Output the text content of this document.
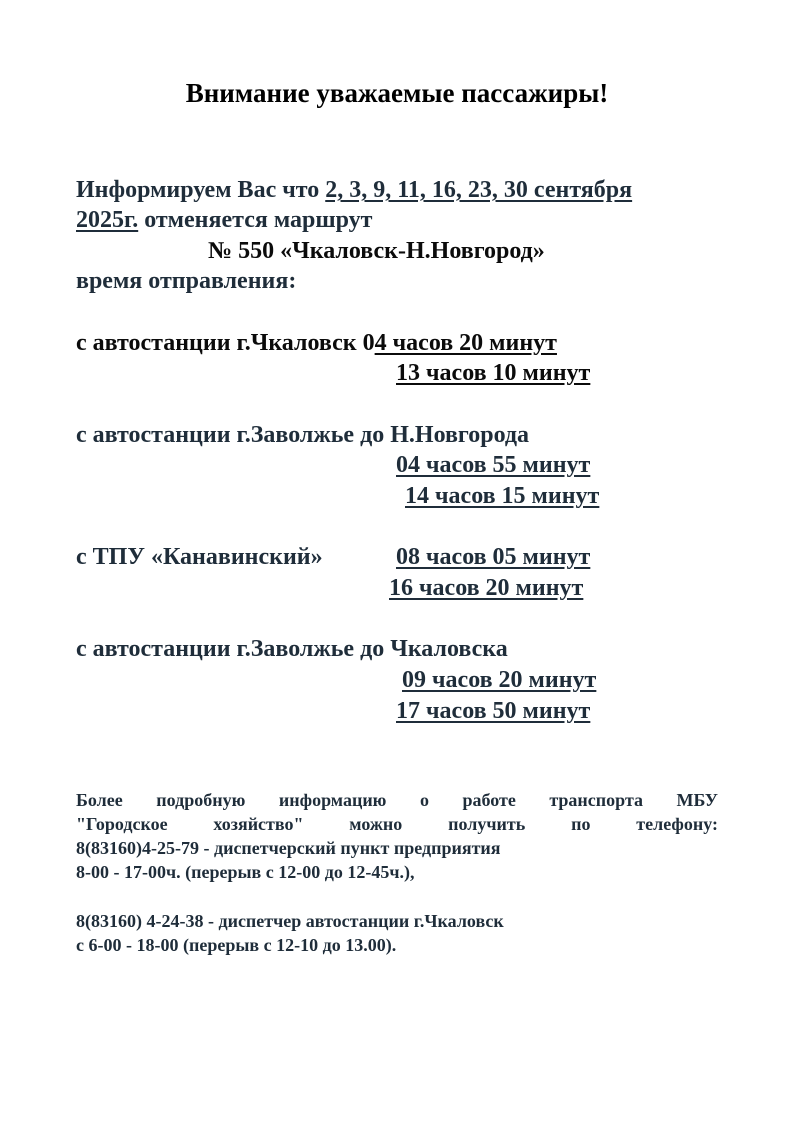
Внимание уважаемые пассажиры!
Информируем Вас что 2, 3, 9, 11, 16, 23, 30 сентября
2025г. отменяется маршрут
№ 550 «Чкаловск-Н.Новгород»
время отправления:
с автостанции г.Чкаловск 04 часов 20 минут
13 часов 10 минут
с автостанции г.Заволжье до Н.Новгорода
04 часов 55 минут
14 часов 15 минут
с ТПУ «Канавинский»	08 часов 05 минут
16 часов 20 минут
с автостанции г.Заволжье до Чкаловска
09 часов 20 минут
17 часов 50 минут
Более подробную информацию о работе транспорта МБУ
"Городское хозяйство" можно получить по телефону:
8(83160)4-25-79 - диспетчерский пункт предприятия
8-00 - 17-00ч. (перерыв с 12-00 до 12-45ч.),
8(83160) 4-24-38 - диспетчер автостанции г.Чкаловск
с 6-00 - 18-00 (перерыв с 12-10 до 13.00).
